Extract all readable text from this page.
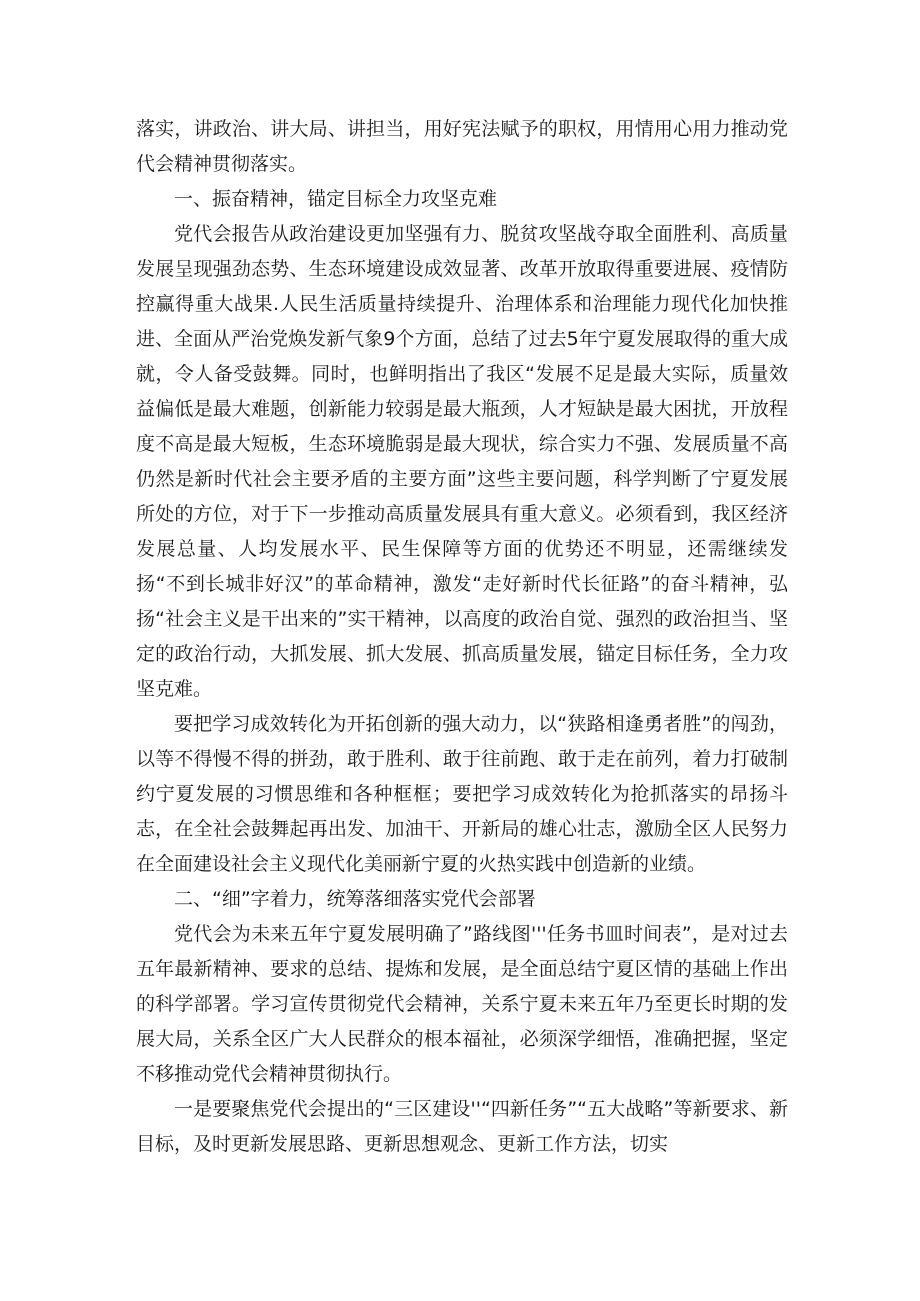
落实，讲政治、讲大局、讲担当，用好宪法赋予的职权，用情用心用力推动党代会精神贯彻落实。

一、振奋精神，锚定目标全力攻坚克难

党代会报告从政治建设更加坚强有力、脱贫攻坚战夺取全面胜利、高质量发展呈现强劲态势、生态环境建设成效显著、改革开放取得重要进展、疫情防控赢得重大战果.人民生活质量持续提升、治理体系和治理能力现代化加快推进、全面从严治党焕发新气象9个方面，总结了过去5年宁夏发展取得的重大成就，令人备受鼓舞。同时，也鲜明指出了我区“发展不足是最大实际，质量效益偏低是最大难题，创新能力较弱是最大瓶颈，人才短缺是最大困扰，开放程度不高是最大短板，生态环境脆弱是最大现状，综合实力不强、发展质量不高仍然是新时代社会主要矛盾的主要方面”这些主要问题，科学判断了宁夏发展所处的方位，对于下一步推动高质量发展具有重大意义。必须看到，我区经济发展总量、人均发展水平、民生保障等方面的优势还不明显，还需继续发扬“不到长城非好汉”的革命精神，激发“走好新时代长征路”的奋斗精神，弘扬“社会主义是干出来的”实干精神，以高度的政治自觉、强烈的政治担当、坚定的政治行动，大抓发展、抓大发展、抓高质量发展，锚定目标任务，全力攻坚克难。

要把学习成效转化为开拓创新的强大动力，以“狭路相逢勇者胜”的闯劲，以等不得慢不得的拼劲，敢于胜利、敢于往前跑、敢于走在前列，着力打破制约宁夏发展的习惯思维和各种框框；要把学习成效转化为抢抓落实的昂扬斗志，在全社会鼓舞起再出发、加油干、开新局的雄心壮志，激励全区人民努力在全面建设社会主义现代化美丽新宁夏的火热实践中创造新的业绩。

二、“细”字着力，统筹落细落实党代会部署

党代会为未来五年宁夏发展明确了”路线图'''任务书皿时间表”，是对过去五年最新精神、要求的总结、提炼和发展，是全面总结宁夏区情的基础上作出的科学部署。学习宣传贯彻党代会精神，关系宁夏未来五年乃至更长时期的发展大局，关系全区广大人民群众的根本福祉，必须深学细悟，准确把握，坚定不移推动党代会精神贯彻执行。

一是要聚焦党代会提出的“三区建设''“四新任务”“五大战略”等新要求、新目标，及时更新发展思路、更新思想观念、更新工作方法，切实
